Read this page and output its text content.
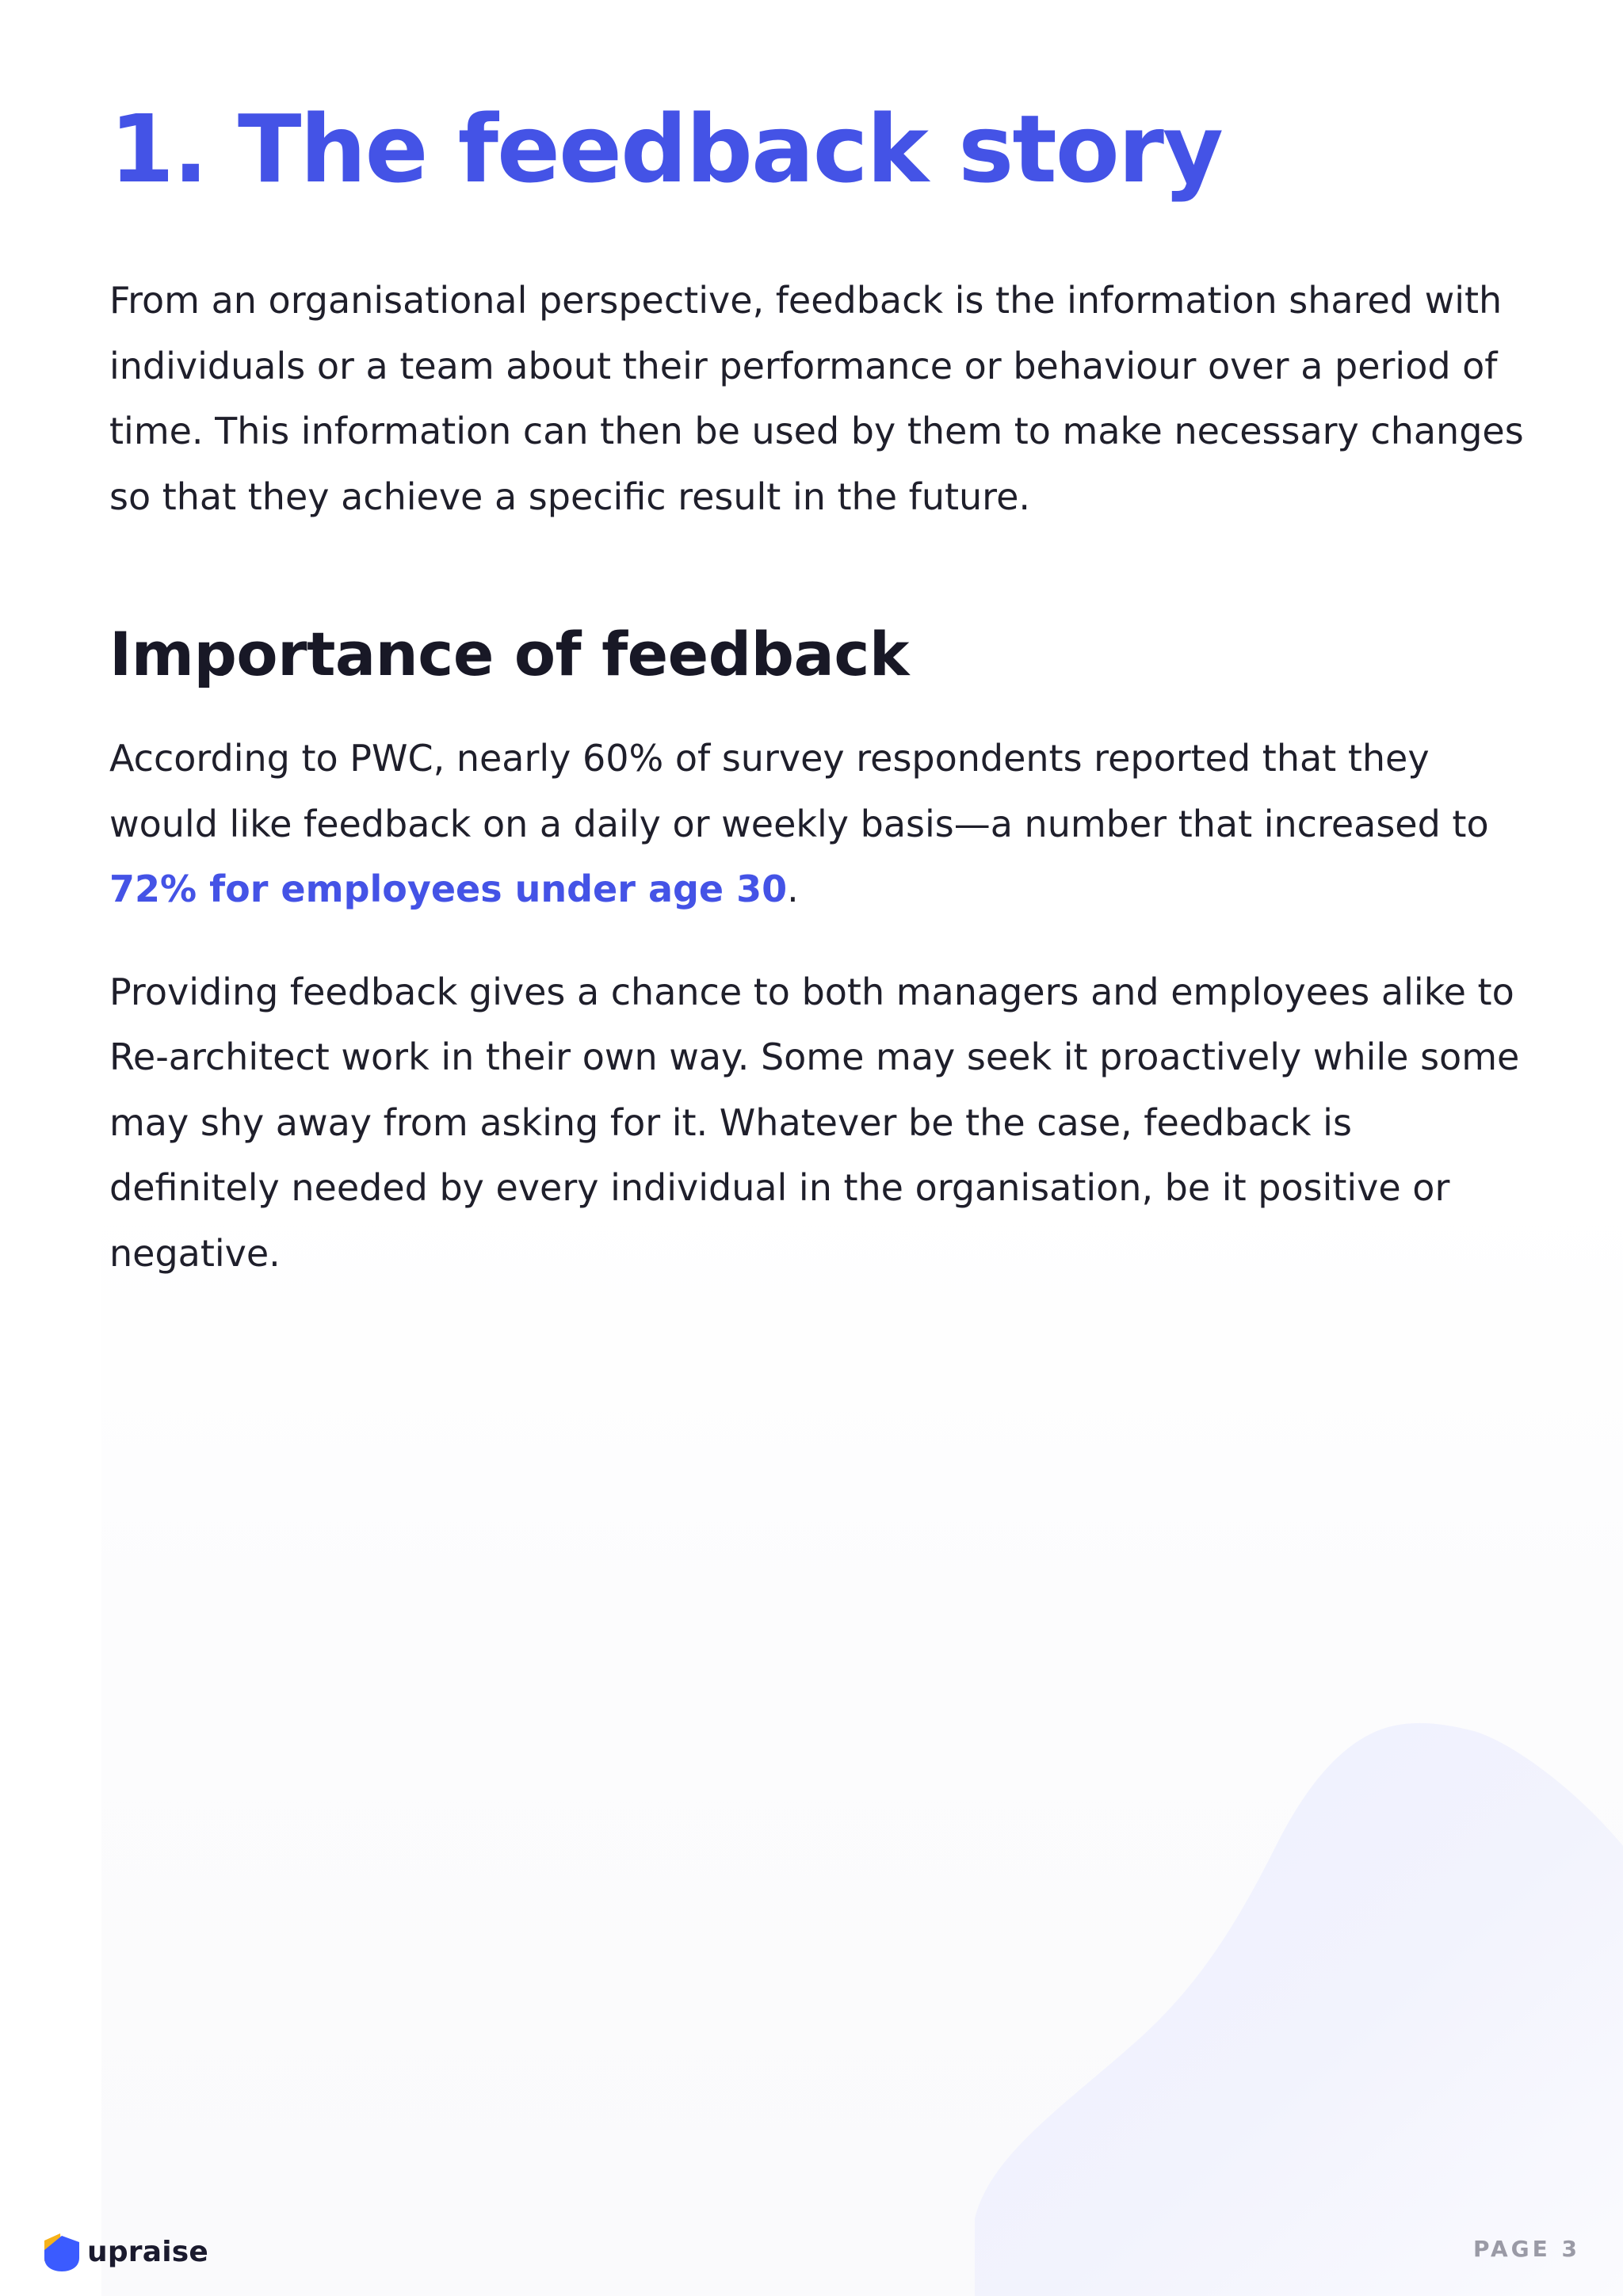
1. The feedback story

From an organisational perspective, feedback is the information shared with individuals or a team about their performance or behaviour over a period of time. This information can then be used by them to make necessary changes so that they achieve a specific result in the future.

Importance of feedback

According to PWC, nearly 60% of survey respondents reported that they would like feedback on a daily or weekly basis—a number that increased to 72% for employees under age 30.

Providing feedback gives a chance to both managers and employees alike to Re-architect work in their own way. Some may seek it proactively while some may shy away from asking for it. Whatever be the case, feedback is definitely needed by every individual in the organisation, be it positive or negative.

upraise	PAGE 3
